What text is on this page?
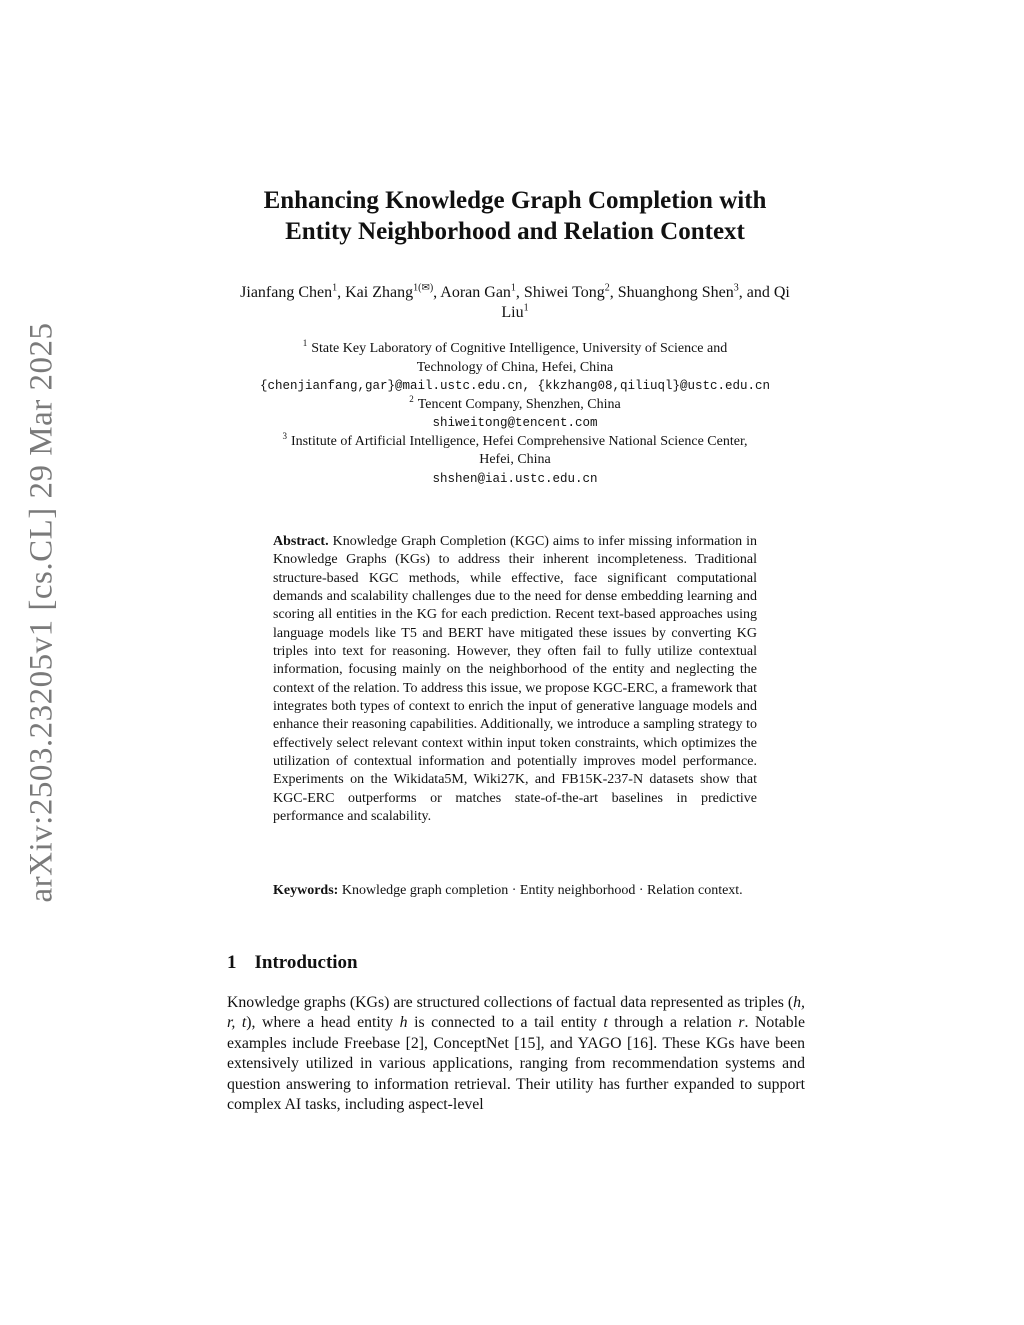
arXiv:2503.23205v1 [cs.CL] 29 Mar 2025
Enhancing Knowledge Graph Completion with
Entity Neighborhood and Relation Context
Jianfang Chen$^1$, Kai Zhang$^{1(✉)}$, Aoran Gan$^1$, Shiwei Tong$^2$, Shuanghong Shen$^3$, and Qi Liu$^1$
$^1$ State Key Laboratory of Cognitive Intelligence, University of Science and
Technology of China, Hefei, China
{chenjianfang,gar}@mail.ustc.edu.cn, {kkzhang08,qiliuql}@ustc.edu.cn
$^2$ Tencent Company, Shenzhen, China
shiweitong@tencent.com
$^3$ Institute of Artificial Intelligence, Hefei Comprehensive National Science Center,
Hefei, China
shshen@iai.ustc.edu.cn
Abstract. Knowledge Graph Completion (KGC) aims to infer missing information in Knowledge Graphs (KGs) to address their inherent incompleteness. Traditional structure-based KGC methods, while effective, face significant computational demands and scalability challenges due to the need for dense embedding learning and scoring all entities in the KG for each prediction. Recent text-based approaches using language models like T5 and BERT have mitigated these issues by converting KG triples into text for reasoning. However, they often fail to fully utilize contextual information, focusing mainly on the neighborhood of the entity and neglecting the context of the relation. To address this issue, we propose KGC-ERC, a framework that integrates both types of context to enrich the input of generative language models and enhance their reasoning capabilities. Additionally, we introduce a sampling strategy to effectively select relevant context within input token constraints, which optimizes the utilization of contextual information and potentially improves model performance. Experiments on the Wikidata5M, Wiki27K, and FB15K-237-N datasets show that KGC-ERC outperforms or matches state-of-the-art baselines in predictive performance and scalability.
Keywords: Knowledge graph completion · Entity neighborhood · Relation context.
1 Introduction
Knowledge graphs (KGs) are structured collections of factual data represented as triples (h, r, t), where a head entity h is connected to a tail entity t through a relation r. Notable examples include Freebase [2], ConceptNet [15], and YAGO [16]. These KGs have been extensively utilized in various applications, ranging from recommendation systems and question answering to information retrieval. Their utility has further expanded to support complex AI tasks, including aspect-level
